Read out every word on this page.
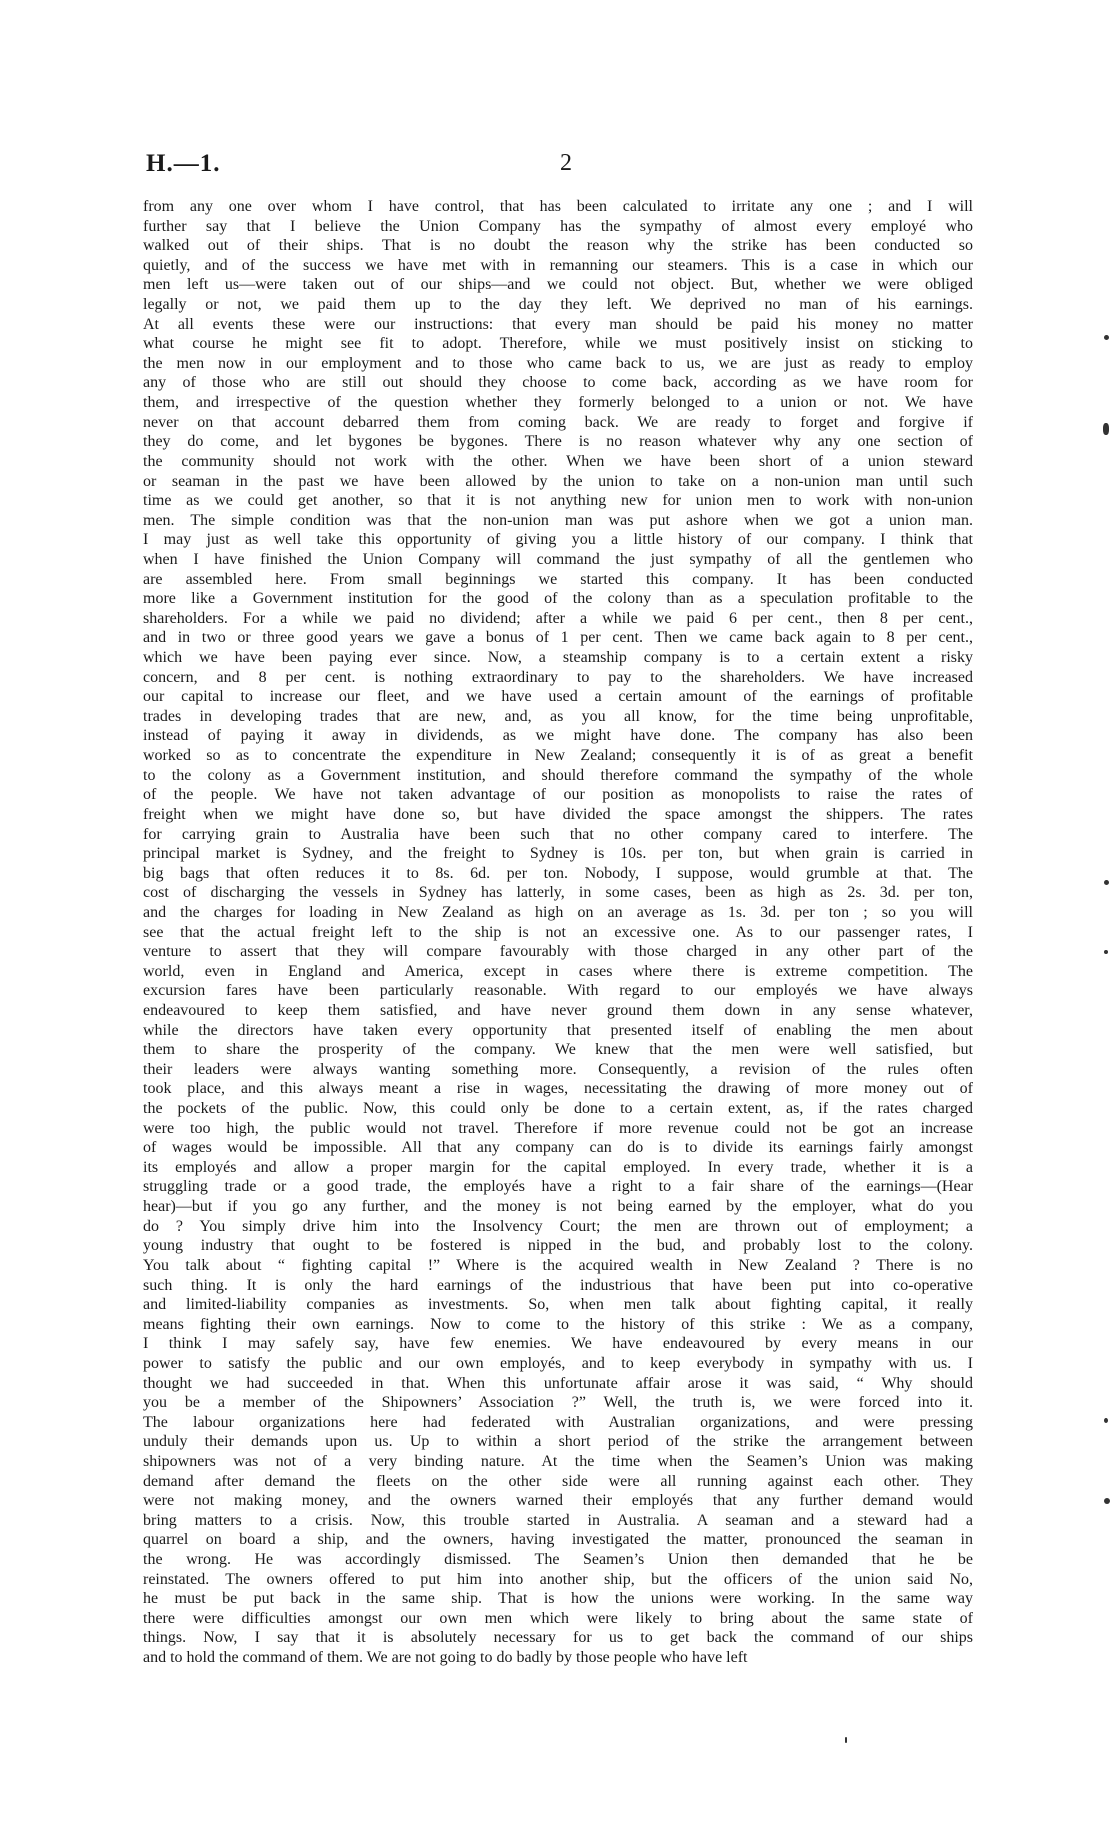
H.—1.	2
from any one over whom I have control, that has been calculated to irritate any one ; and I will
further say that I believe the Union Company has the sympathy of almost every employé who
walked out of their ships. That is no doubt the reason why the strike has been conducted so
quietly, and of the success we have met with in remanning our steamers. This is a case in which our
men left us—were taken out of our ships—and we could not object. But, whether we were obliged
legally or not, we paid them up to the day they left. We deprived no man of his earnings.
At all events these were our instructions: that every man should be paid his money no matter
what course he might see fit to adopt. Therefore, while we must positively insist on sticking to
the men now in our employment and to those who came back to us, we are just as ready to employ
any of those who are still out should they choose to come back, according as we have room for
them, and irrespective of the question whether they formerly belonged to a union or not. We have
never on that account debarred them from coming back. We are ready to forget and forgive if
they do come, and let bygones be bygones. There is no reason whatever why any one section of
the community should not work with the other. When we have been short of a union steward
or seaman in the past we have been allowed by the union to take on a non-union man until such
time as we could get another, so that it is not anything new for union men to work with non-union
men. The simple condition was that the non-union man was put ashore when we got a union man.
I may just as well take this opportunity of giving you a little history of our company. I think that
when I have finished the Union Company will command the just sympathy of all the gentlemen who
are assembled here. From small beginnings we started this company. It has been conducted
more like a Government institution for the good of the colony than as a speculation profitable to the
shareholders. For a while we paid no dividend; after a while we paid 6 per cent., then 8 per cent.,
and in two or three good years we gave a bonus of 1 per cent. Then we came back again to 8 per cent.,
which we have been paying ever since. Now, a steamship company is to a certain extent a risky
concern, and 8 per cent. is nothing extraordinary to pay to the shareholders. We have increased
our capital to increase our fleet, and we have used a certain amount of the earnings of profitable
trades in developing trades that are new, and, as you all know, for the time being unprofitable,
instead of paying it away in dividends, as we might have done. The company has also been
worked so as to concentrate the expenditure in New Zealand; consequently it is of as great a benefit
to the colony as a Government institution, and should therefore command the sympathy of the whole
of the people. We have not taken advantage of our position as monopolists to raise the rates of
freight when we might have done so, but have divided the space amongst the shippers. The rates
for carrying grain to Australia have been such that no other company cared to interfere. The
principal market is Sydney, and the freight to Sydney is 10s. per ton, but when grain is carried in
big bags that often reduces it to 8s. 6d. per ton. Nobody, I suppose, would grumble at that. The
cost of discharging the vessels in Sydney has latterly, in some cases, been as high as 2s. 3d. per ton,
and the charges for loading in New Zealand as high on an average as 1s. 3d. per ton ; so you will
see that the actual freight left to the ship is not an excessive one. As to our passenger rates, I
venture to assert that they will compare favourably with those charged in any other part of the
world, even in England and America, except in cases where there is extreme competition. The
excursion fares have been particularly reasonable. With regard to our employés we have always
endeavoured to keep them satisfied, and have never ground them down in any sense whatever,
while the directors have taken every opportunity that presented itself of enabling the men about
them to share the prosperity of the company. We knew that the men were well satisfied, but
their leaders were always wanting something more. Consequently, a revision of the rules often
took place, and this always meant a rise in wages, necessitating the drawing of more money out of
the pockets of the public. Now, this could only be done to a certain extent, as, if the rates charged
were too high, the public would not travel. Therefore if more revenue could not be got an increase
of wages would be impossible. All that any company can do is to divide its earnings fairly amongst
its employés and allow a proper margin for the capital employed. In every trade, whether it is a
struggling trade or a good trade, the employés have a right to a fair share of the earnings—(Hear
hear)—but if you go any further, and the money is not being earned by the employer, what do you
do ? You simply drive him into the Insolvency Court; the men are thrown out of employment; a
young industry that ought to be fostered is nipped in the bud, and probably lost to the colony.
You talk about “ fighting capital !” Where is the acquired wealth in New Zealand ? There is no
such thing. It is only the hard earnings of the industrious that have been put into co-operative
and limited-liability companies as investments. So, when men talk about fighting capital, it really
means fighting their own earnings. Now to come to the history of this strike : We as a company,
I think I may safely say, have few enemies. We have endeavoured by every means in our
power to satisfy the public and our own employés, and to keep everybody in sympathy with us. I
thought we had succeeded in that. When this unfortunate affair arose it was said, “ Why should
you be a member of the Shipowners’ Association ?” Well, the truth is, we were forced into it.
The labour organizations here had federated with Australian organizations, and were pressing
unduly their demands upon us. Up to within a short period of the strike the arrangement between
shipowners was not of a very binding nature. At the time when the Seamen’s Union was making
demand after demand the fleets on the other side were all running against each other. They
were not making money, and the owners warned their employés that any further demand would
bring matters to a crisis. Now, this trouble started in Australia. A seaman and a steward had a
quarrel on board a ship, and the owners, having investigated the matter, pronounced the seaman in
the wrong. He was accordingly dismissed. The Seamen’s Union then demanded that he be
reinstated. The owners offered to put him into another ship, but the officers of the union said No,
he must be put back in the same ship. That is how the unions were working. In the same way
there were difficulties amongst our own men which were likely to bring about the same state of
things. Now, I say that it is absolutely necessary for us to get back the command of our ships
and to hold the command of them. We are not going to do badly by those people who have left
